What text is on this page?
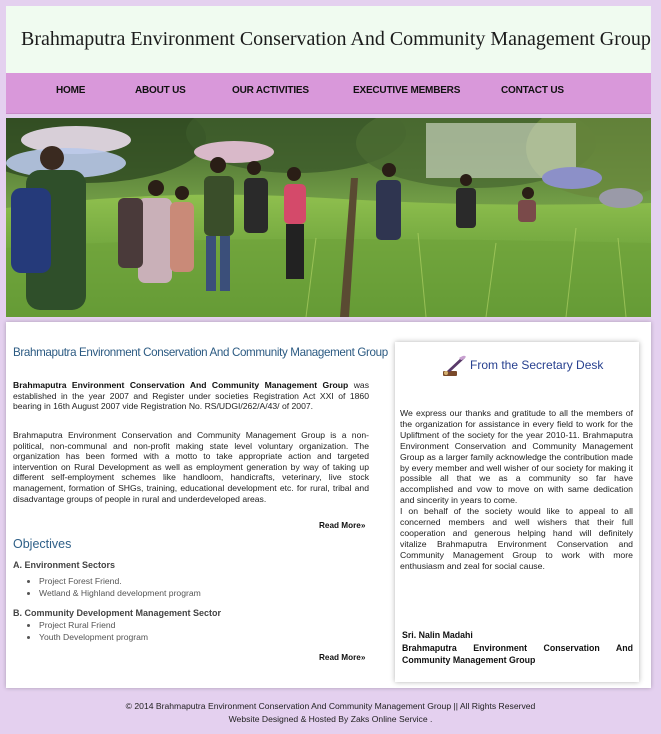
Brahmaputra Environment Conservation And Community Management Group
HOME	ABOUT US	OUR ACTIVITIES	EXECUTIVE MEMBERS	CONTACT US
Brahmaputra Environment Conservation And Community Management Group

Brahmaputra Environment Conservation And Community Management Group was established in the year 2007 and Register under societies Registration Act XXI of 1860 bearing in 16th August 2007 vide Registration No. RS/UDGI/262/A/43/ of 2007.

Brahmaputra Environment Conservation and Community Management Group is a non-political, non-communal and non-profit making state level voluntary organization. The organization has been formed with a motto to take appropriate action and targeted intervention on Rural Development as well as employment generation by way of taking up different self-employment schemes like handloom, handicrafts, veterinary, live stock management, formation of SHGs, training, educational development etc. for rural, tribal and disadvantage groups of people in rural and underdeveloped areas.

Read More»
Objectives

A. Environment Sectors

• Project Forest Friend.
• Wetland & Highland development program

B. Community Development Management Sector

• Project Rural Friend
• Youth Development program
Read More»
From the Secretary Desk
We express our thanks and gratitude to all the members of the organization for assistance in every field to work for the Upliftment of the society for the year 2010-11. Brahmaputra Environment Conservation and Community Management Group as a larger family acknowledge the contribution made by every member and well wisher of our society for making it possible all that we as a community so far have accomplished and vow to move on with same dedication and sincerity in years to come.
I on behalf of the society would like to appeal to all concerned members and well wishers that their full cooperation and generous helping hand will definitely vitalize Brahmaputra Environment Conservation and Community Management Group to work with more enthusiasm and zeal for social cause.

Sri. Nalin Madahi

Brahmaputra Environment Conservation And Community Management Group

© 2014 Brahmaputra Environment Conservation And Community Management Group || All Rights Reserved
Website Designed & Hosted By Zaks Online Service .
